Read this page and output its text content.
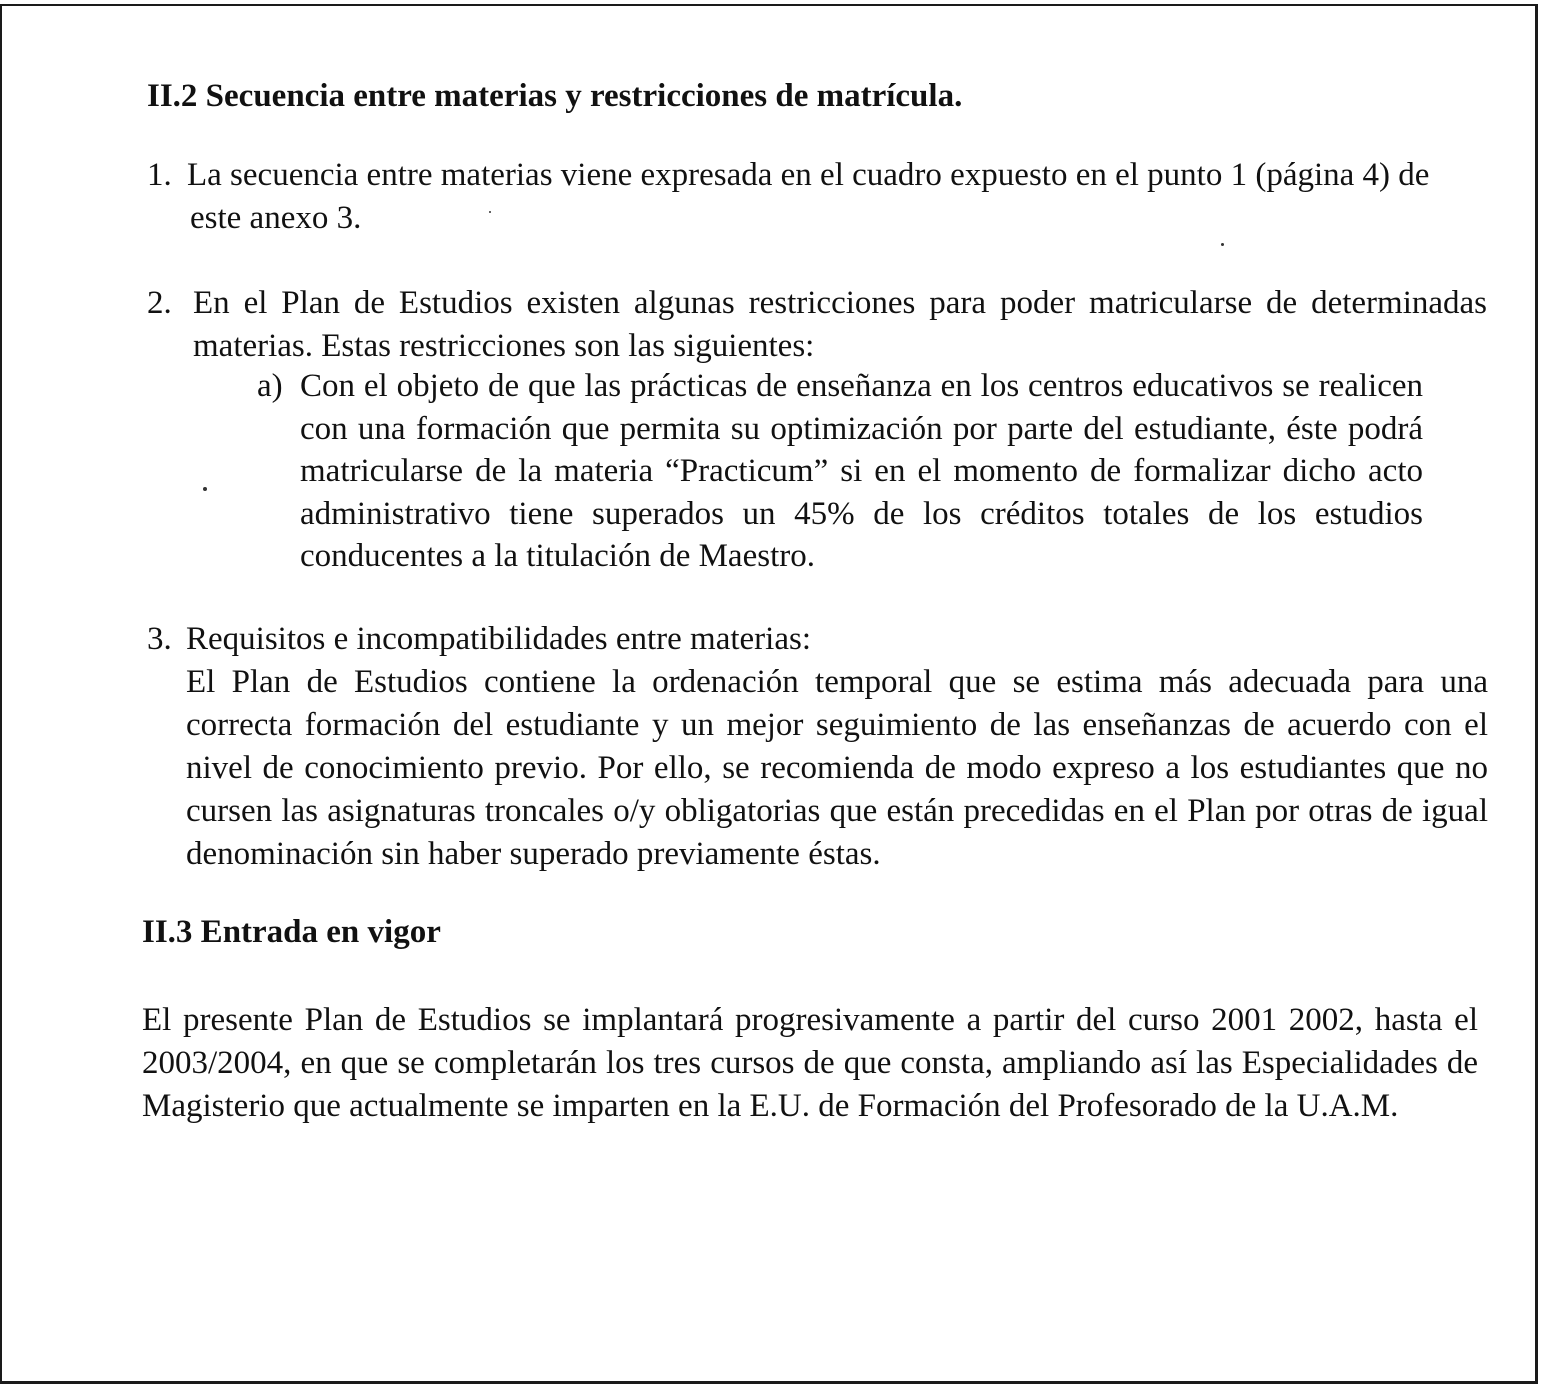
II.2 Secuencia entre materias y restricciones de matrícula.
1. La secuencia entre materias viene expresada en el cuadro expuesto en el punto 1 (página 4) de este anexo 3.

2. En el Plan de Estudios existen algunas restricciones para poder matricularse de determinadas materias. Estas restricciones son las siguientes:

a) Con el objeto de que las prácticas de enseñanza en los centros educativos se realicen con una formación que permita su optimización por parte del estudiante, éste podrá matricularse de la materia “Practicum” si en el momento de formalizar dicho acto administrativo tiene superados un 45% de los créditos totales de los estudios conducentes a la titulación de Maestro.

3. Requisitos e incompatibilidades entre materias:

El Plan de Estudios contiene la ordenación temporal que se estima más adecuada para una correcta formación del estudiante y un mejor seguimiento de las enseñanzas de acuerdo con el nivel de conocimiento previo. Por ello, se recomienda de modo expreso a los estudiantes que no cursen las asignaturas troncales o/y obligatorias que están precedidas en el Plan por otras de igual denominación sin haber superado previamente éstas.

II.3 Entrada en vigor

El presente Plan de Estudios se implantará progresivamente a partir del curso 2001 2002, hasta el 2003/2004, en que se completarán los tres cursos de que consta, ampliando así las Especialidades de Magisterio que actualmente se imparten en la E.U. de Formación del Profesorado de la U.A.M.
